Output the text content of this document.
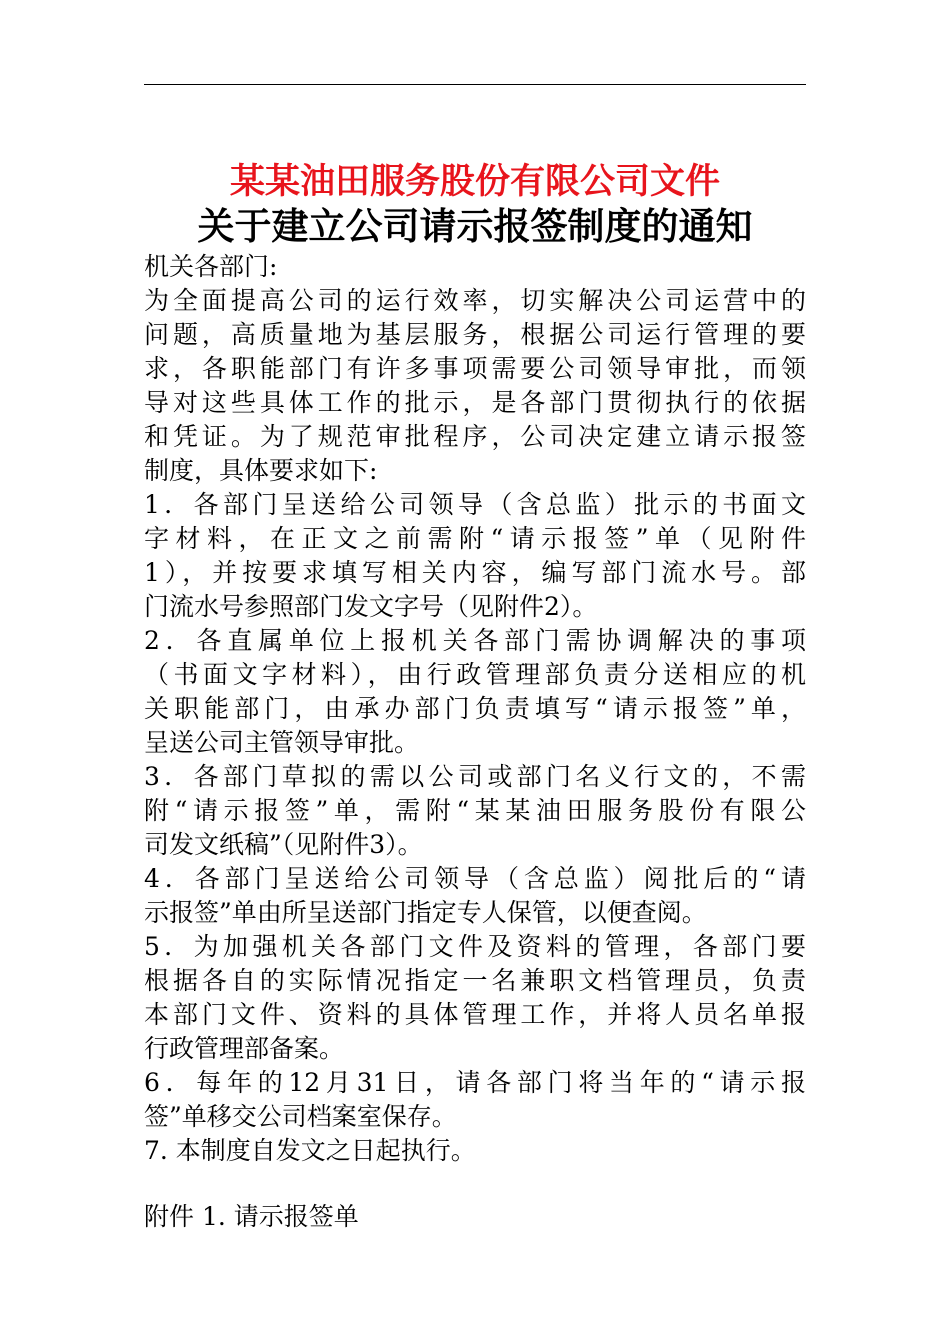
某某油田服务股份有限公司文件
关于建立公司请示报签制度的通知
机关各部门:
为全面提高公司的运行效率，切实解决公司运营中的
问题，高质量地为基层服务，根据公司运行管理的要
求，各职能部门有许多事项需要公司领导审批，而领
导对这些具体工作的批示，是各部门贯彻执行的依据
和凭证。为了规范审批程序，公司决定建立请示报签
制度，具体要求如下:
1．各部门呈送给公司领导（含总监）批示的书面文
字材料，在正文之前需附“请示报签”单（见附件
1），并按要求填写相关内容，编写部门流水号。部
门流水号参照部门发文字号（见附件2）。
2．各直属单位上报机关各部门需协调解决的事项
（书面文字材料），由行政管理部负责分送相应的机
关职能部门，由承办部门负责填写“请示报签”单，
呈送公司主管领导审批。
3．各部门草拟的需以公司或部门名义行文的，不需
附“请示报签”单，需附“某某油田服务股份有限公
司发文纸稿”（见附件3）。
4．各部门呈送给公司领导（含总监）阅批后的“请
示报签”单由所呈送部门指定专人保管，以便查阅。
5．为加强机关各部门文件及资料的管理，各部门要
根据各自的实际情况指定一名兼职文档管理员，负责
本部门文件、资料的具体管理工作，并将人员名单报
行政管理部备案。
6．每年的12月31日，请各部门将当年的“请示报
签”单移交公司档案室保存。
7. 本制度自发文之日起执行。
附件 1. 请示报签单
